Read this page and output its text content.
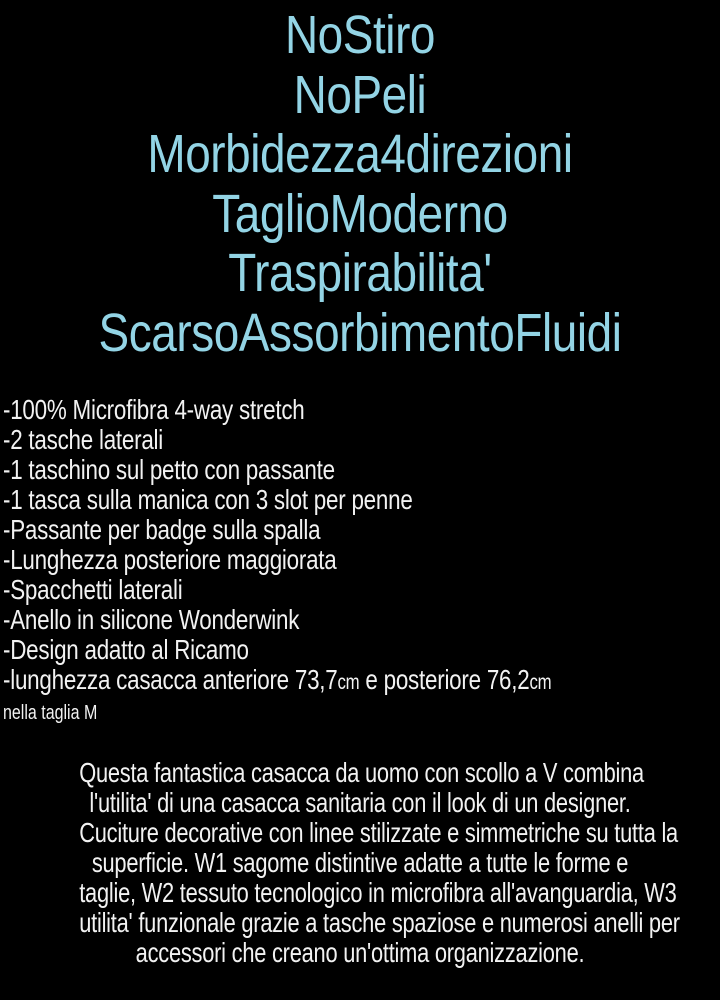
NoStiro
NoPeli
Morbidezza4direzioni
TaglioModerno
Traspirabilita'
ScarsoAssorbimentoFluidi
-100% Microfibra 4-way stretch
-2 tasche laterali
-1 taschino sul petto con passante
-1 tasca sulla manica con 3 slot per penne
-Passante per badge sulla spalla
-Lunghezza posteriore maggiorata
-Spacchetti laterali
-Anello in silicone Wonderwink
-Design adatto al Ricamo
-lunghezza casacca anteriore 73,7cm e posteriore 76,2cm
nella taglia M
Questa fantastica casacca da uomo con scollo a V combina
l'utilita' di una casacca sanitaria con il look di un designer.
Cuciture decorative con linee stilizzate e simmetriche su tutta la
superficie. W1 sagome distintive adatte a tutte le forme e
taglie, W2 tessuto tecnologico in microfibra all'avanguardia, W3
utilita' funzionale grazie a tasche spaziose e numerosi anelli per
accessori che creano un'ottima organizzazione.
